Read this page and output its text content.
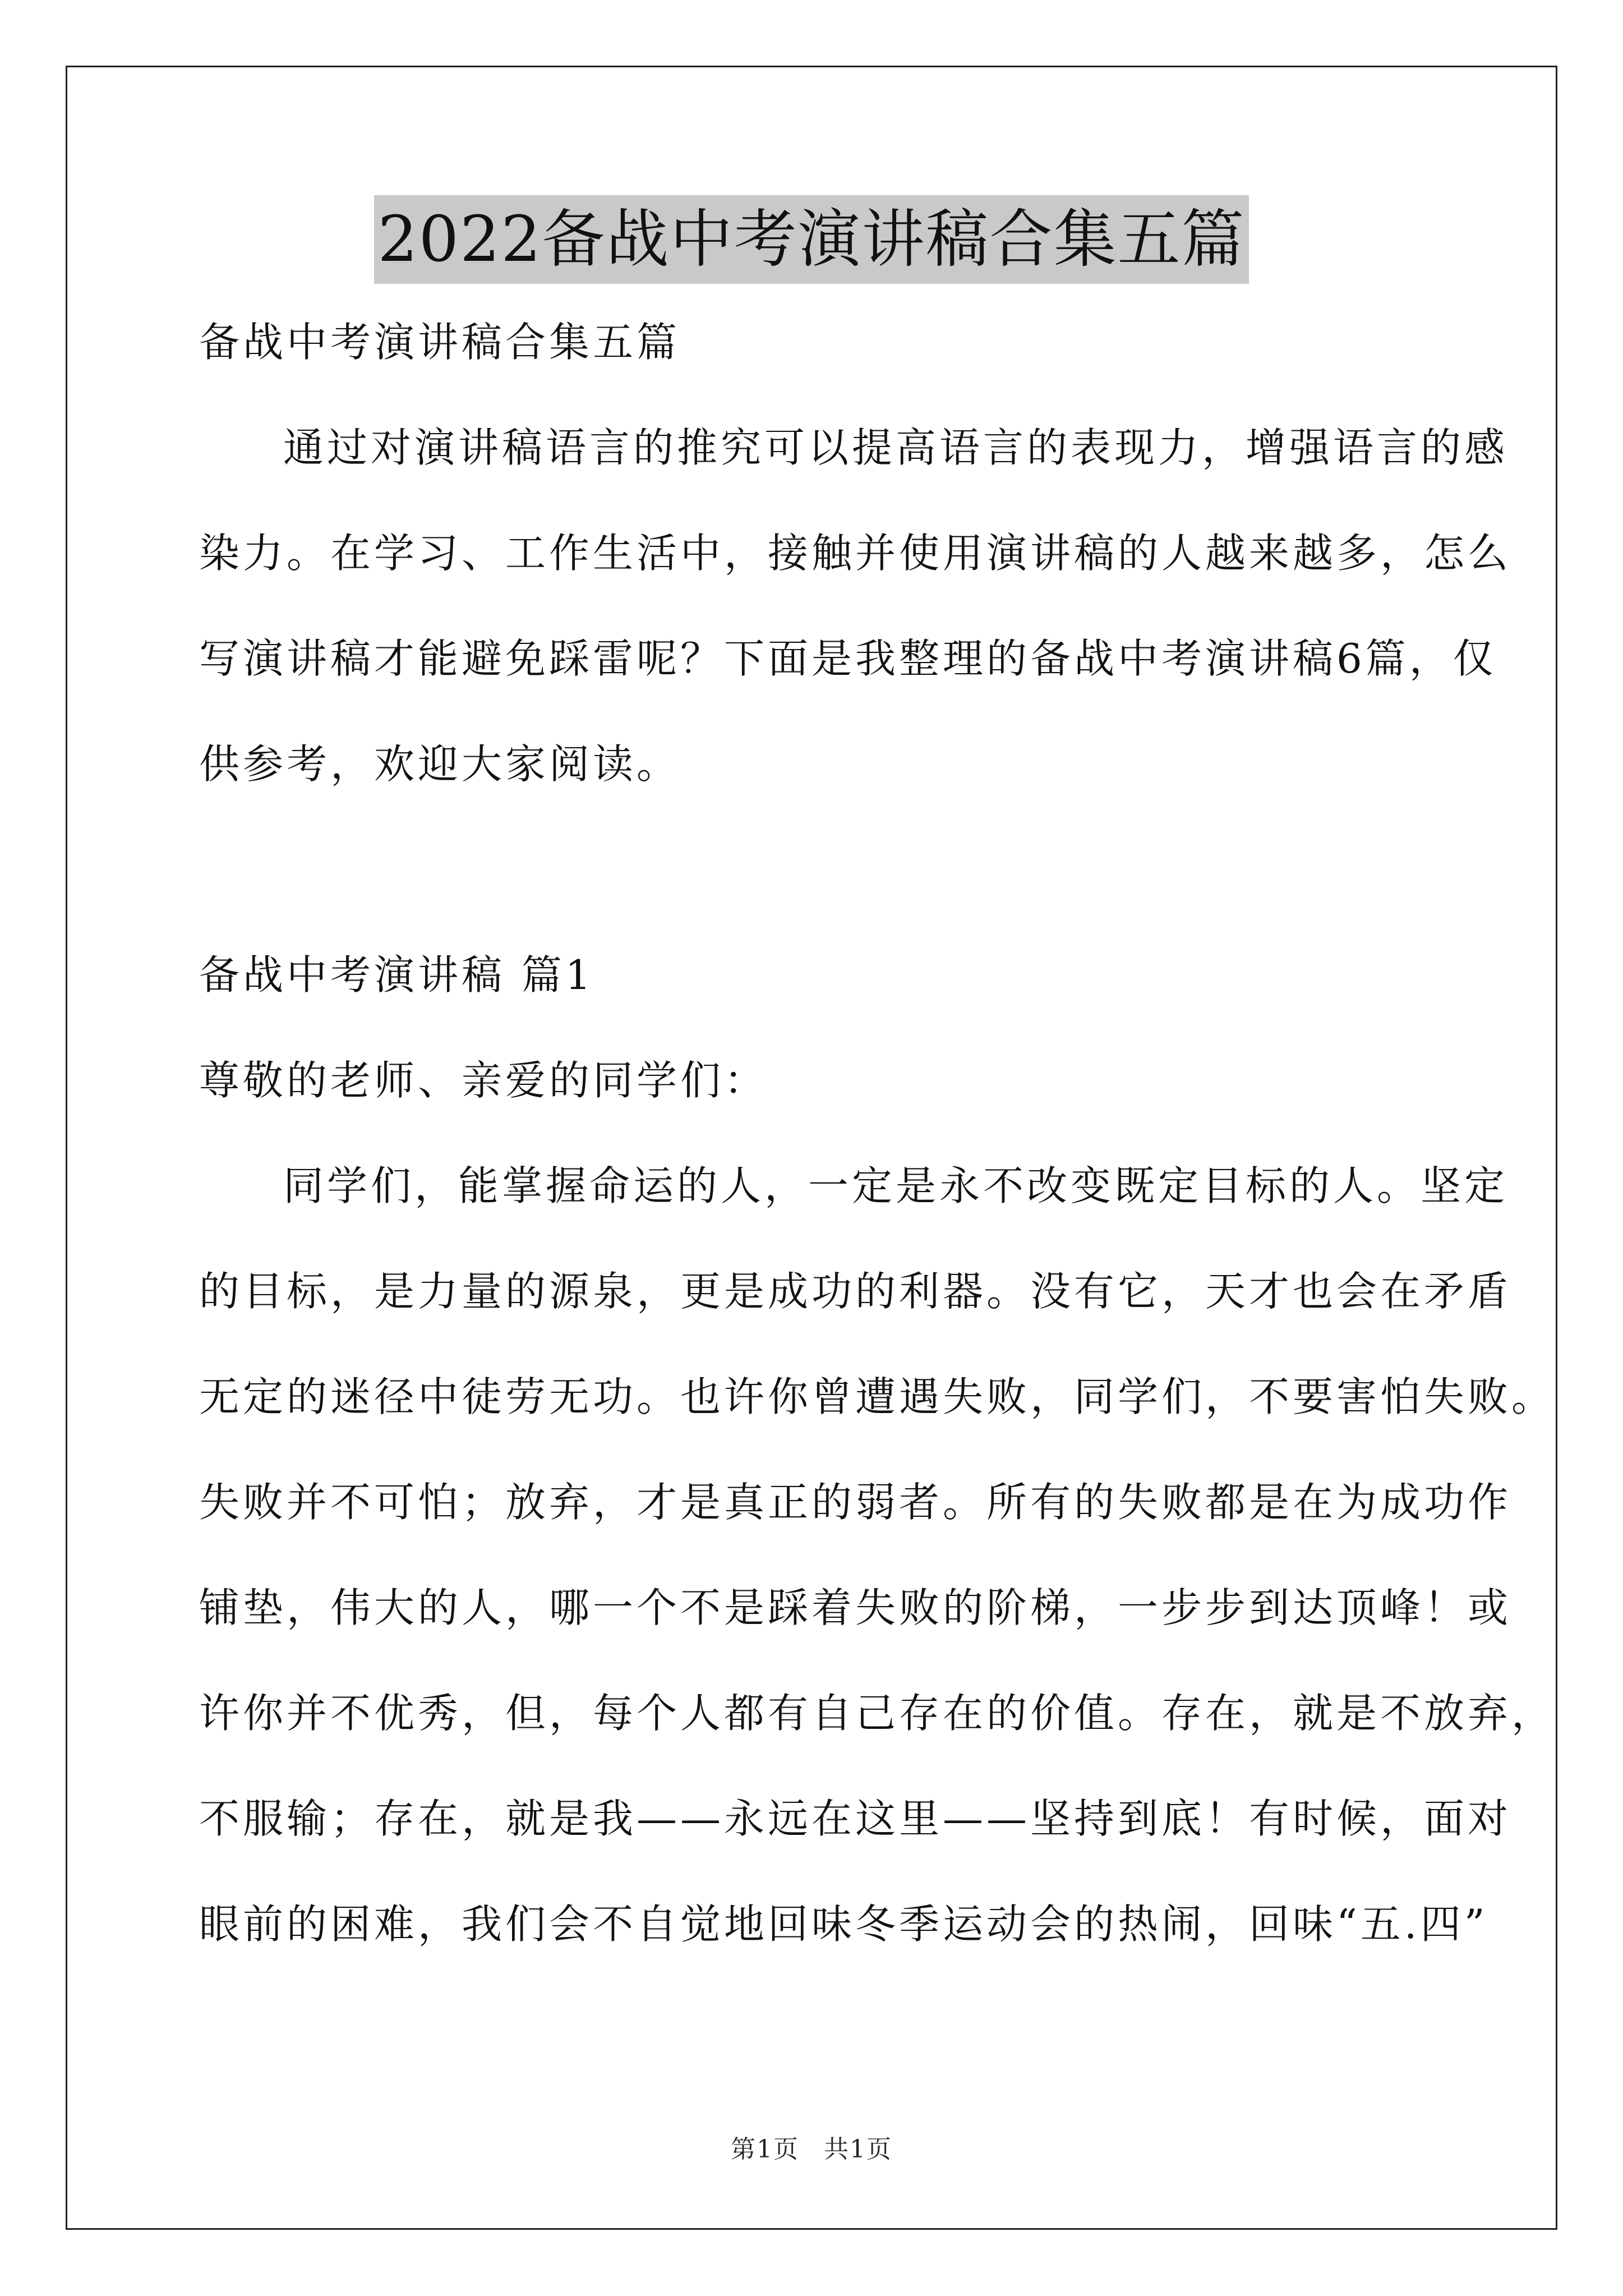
2022备战中考演讲稿合集五篇
备战中考演讲稿合集五篇
通过对演讲稿语言的推究可以提高语言的表现力，增强语言的感
染力。在学习、工作生活中，接触并使用演讲稿的人越来越多，怎么
写演讲稿才能避免踩雷呢？下面是我整理的备战中考演讲稿6篇，仅
供参考，欢迎大家阅读。
备战中考演讲稿 篇1
尊敬的老师、亲爱的同学们：
同学们，能掌握命运的人，一定是永不改变既定目标的人。坚定
的目标，是力量的源泉，更是成功的利器。没有它，天才也会在矛盾
无定的迷径中徒劳无功。也许你曾遭遇失败，同学们，不要害怕失败。
失败并不可怕；放弃，才是真正的弱者。所有的失败都是在为成功作
铺垫，伟大的人，哪一个不是踩着失败的阶梯，一步步到达顶峰！或
许你并不优秀，但，每个人都有自己存在的价值。存在，就是不放弃，
不服输；存在，就是我——永远在这里——坚持到底！有时候，面对
眼前的困难，我们会不自觉地回味冬季运动会的热闹，回味“五.四”
第1页 共1页
